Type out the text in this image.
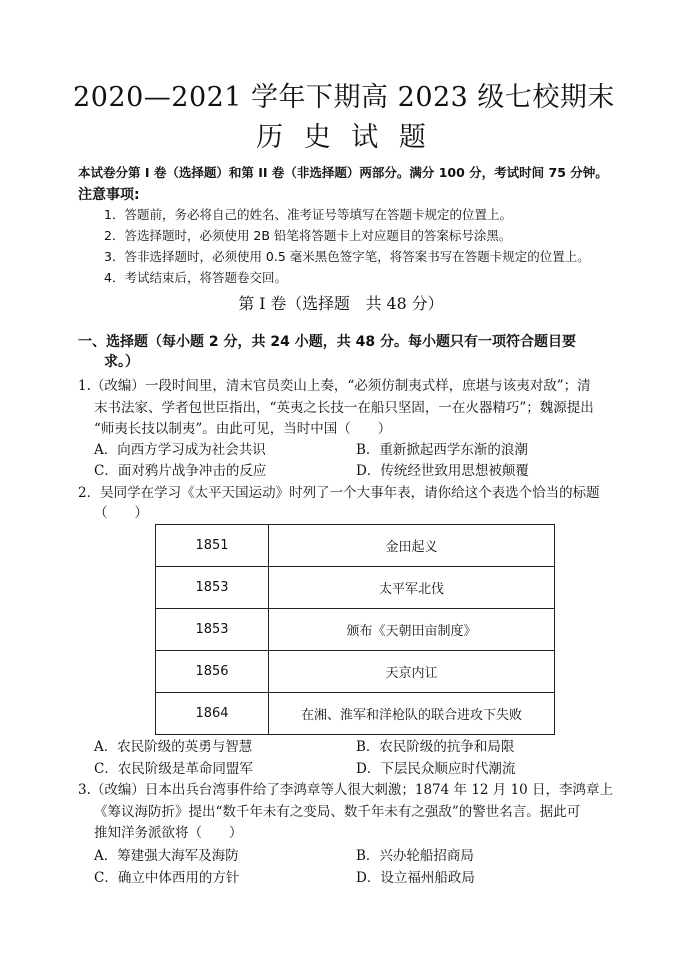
2020—2021 学年下期高 2023 级七校期末
历 史 试 题
本试卷分第 I 卷（选择题）和第 II 卷（非选择题）两部分。满分 100 分，考试时间 75 分钟。
注意事项:
1．答题前，务必将自己的姓名、准考证号等填写在答题卡规定的位置上。
2．答选择题时，必须使用 2B 铅笔将答题卡上对应题目的答案标号涂黑。
3．答非选择题时，必须使用 0.5 毫米黑色签字笔，将答案书写在答题卡规定的位置上。
4．考试结束后，将答题卷交回。
第 I 卷（选择题　共 48 分）
一、选择题（每小题 2 分，共 24 小题，共 48 分。每小题只有一项符合题目要
求。）
1.（改编）一段时间里，清末官员奕山上奏，“必须仿制夷式样，庶堪与该夷对敌”；清
末书法家、学者包世臣指出，“英夷之长技一在船只坚固，一在火器精巧”；魏源提出
“师夷长技以制夷”。由此可见，当时中国（　　）
A．向西方学习成为社会共识	B．重新掀起西学东渐的浪潮
C．面对鸦片战争冲击的反应	D．传统经世致用思想被颠覆
2．吴同学在学习《太平天国运动》时列了一个大事年表，请你给这个表选个恰当的标题
（　　）
1851	金田起义
1853	太平军北伐
1853	颁布《天朝田亩制度》
1856	天京内讧
1864	在湘、淮军和洋枪队的联合进攻下失败
A．农民阶级的英勇与智慧	B．农民阶级的抗争和局限
C．农民阶级是革命同盟军	D．下层民众顺应时代潮流
3.（改编）日本出兵台湾事件给了李鸿章等人很大刺激；1874 年 12 月 10 日，李鸿章上
《筹议海防折》提出“数千年未有之变局、数千年未有之强敌”的警世名言。据此可
推知洋务派欲将（　　）
A．筹建强大海军及海防	B．兴办轮船招商局
C．确立中体西用的方针	D．设立福州船政局
